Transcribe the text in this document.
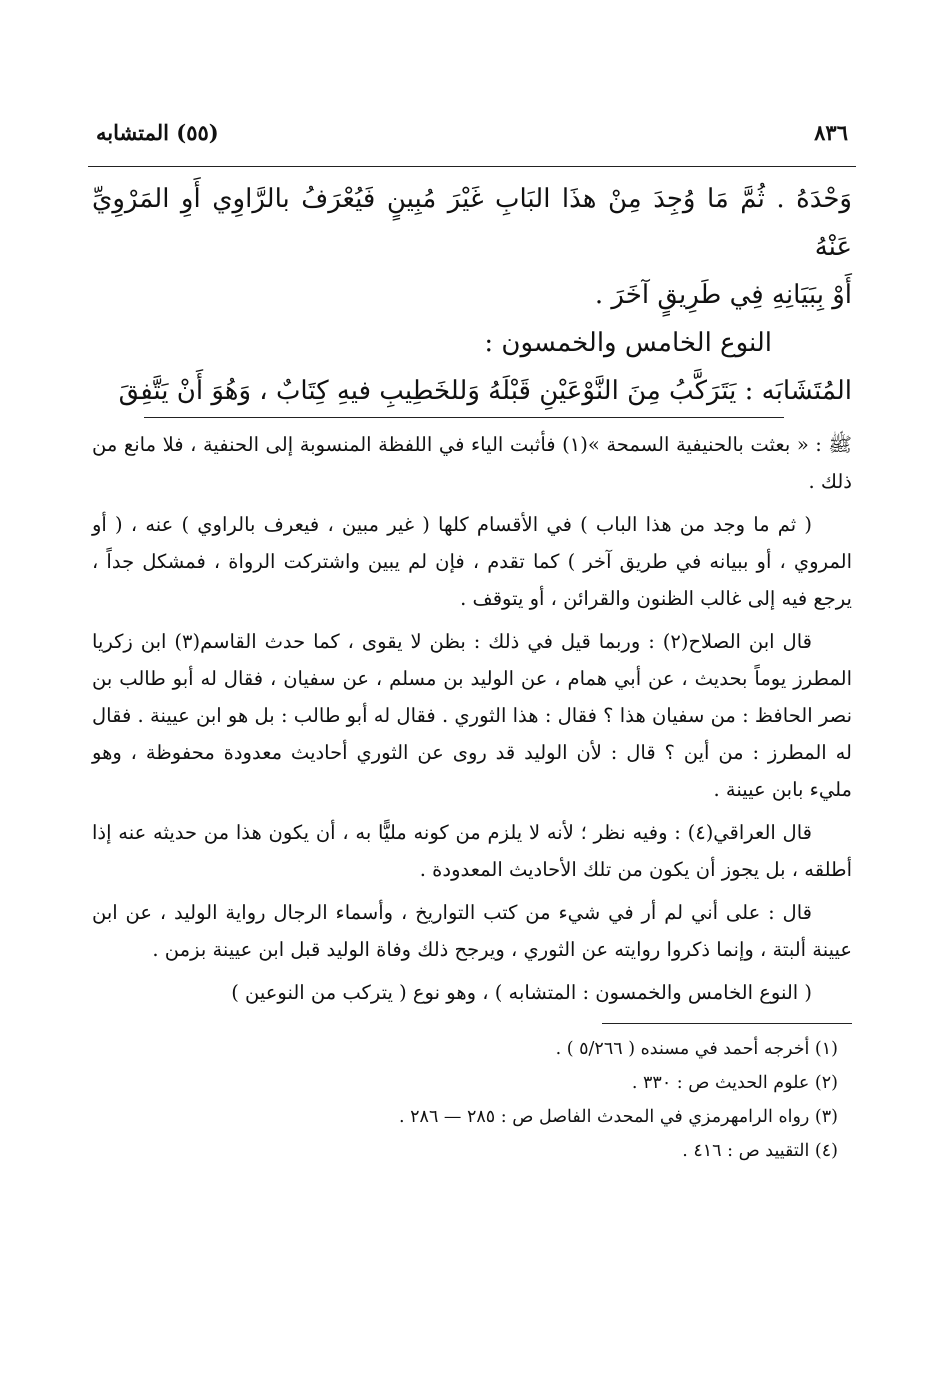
٨٣٦
(٥٥) المتشابه

وَحْدَهُ . ثُمَّ مَا وُجِدَ مِنْ هذَا البَابِ غَيْرَ مُبِينٍ فَيُعْرَفُ بالرَّاوِي أَوِ المَرْوِيِّ عَنْهُ

أَوْ بِبَيَانِهِ فِي طَرِيقٍ آخَرَ .

النوع الخامس والخمسون :

المُتَشَابَه : يَتَرَكَّبُ مِنَ النَّوْعَيْنِ قَبْلَهُ وَللخَطِيبِ فيهِ كِتَابٌ ، وَهُوَ أَنْ يَتَّفِقَ

ﷺ : « بعثت بالحنيفية السمحة »(١) فأثبت الياء في اللفظة المنسوبة إلى الحنفية ، فلا مانع من ذلك .

( ثم ما وجد من هذا الباب ) في الأقسام كلها ( غير مبين ، فيعرف بالراوي ) عنه ، ( أو المروي ، أو ببيانه في طريق آخر ) كما تقدم ، فإن لم يبين واشتركت الرواة ، فمشكل جداً ، يرجع فيه إلى غالب الظنون والقرائن ، أو يتوقف .

قال ابن الصلاح(٢) : وربما قيل في ذلك : بظن لا يقوى ، كما حدث القاسم(٣) ابن زكريا المطرز يوماً بحديث ، عن أبي همام ، عن الوليد بن مسلم ، عن سفيان ، فقال له أبو طالب بن نصر الحافظ : من سفيان هذا ؟ فقال : هذا الثوري . فقال له أبو طالب : بل هو ابن عيينة . فقال له المطرز : من أين ؟ قال : لأن الوليد قد روى عن الثوري أحاديث معدودة محفوظة ، وهو مليء بابن عيينة .

قال العراقي(٤) : وفيه نظر ؛ لأنه لا يلزم من كونه مليًّا به ، أن يكون هذا من حديثه عنه إذا أطلقه ، بل يجوز أن يكون من تلك الأحاديث المعدودة .

قال : على أني لم أر في شيء من كتب التواريخ ، وأسماء الرجال رواية الوليد ، عن ابن عيينة ألبتة ، وإنما ذكروا روايته عن الثوري ، ويرجح ذلك وفاة الوليد قبل ابن عيينة بزمن .

( النوع الخامس والخمسون : المتشابه ) ، وهو نوع ( يتركب من النوعين )

(١) أخرجه أحمد في مسنده ( ٥/٢٦٦ ) .
(٢) علوم الحديث ص : ٣٣٠ .
(٣) رواه الرامهرمزي في المحدث الفاصل ص : ٢٨٥ — ٢٨٦ .
(٤) التقييد ص : ٤١٦ .
